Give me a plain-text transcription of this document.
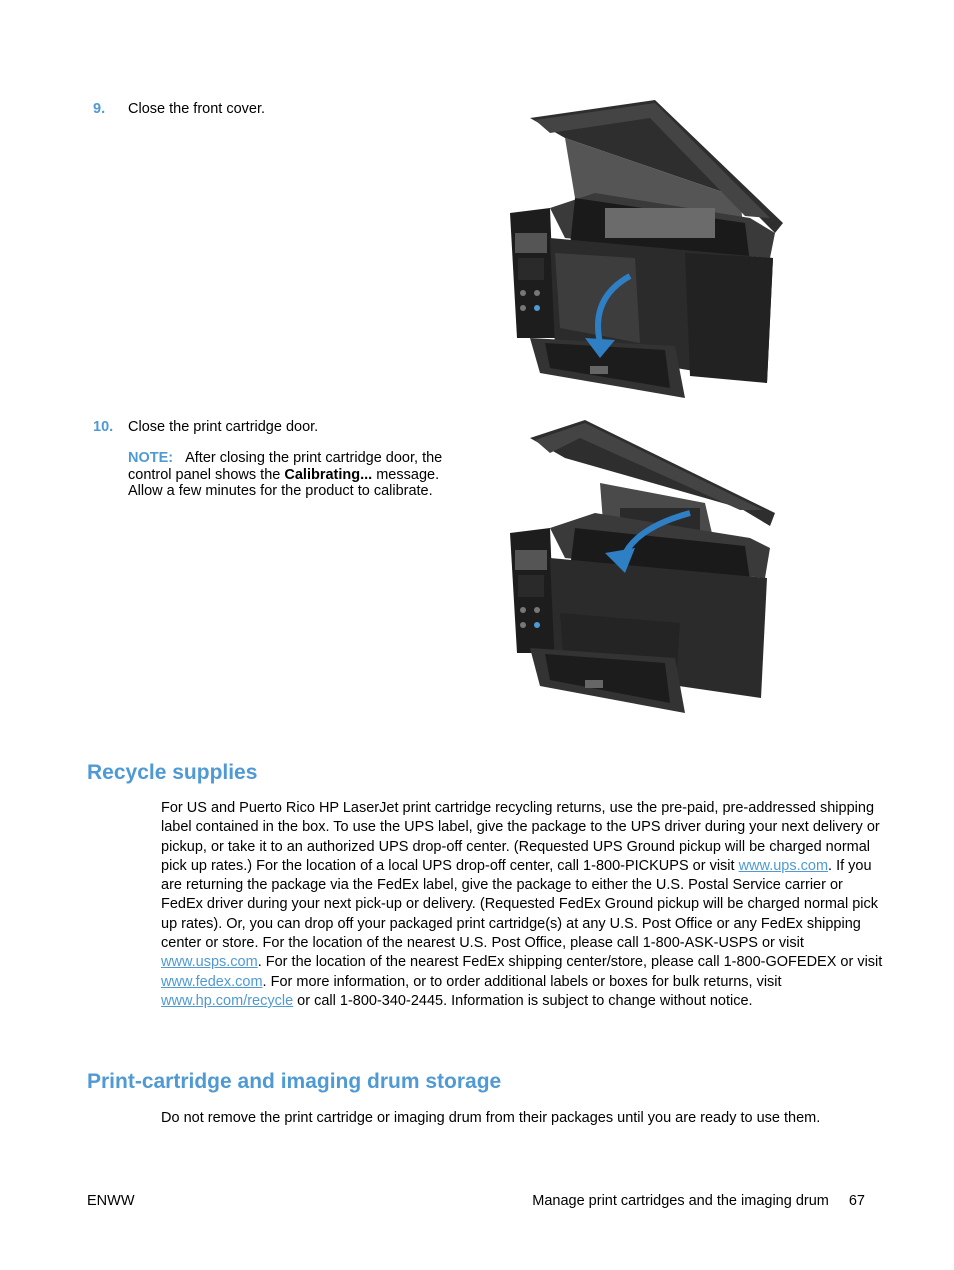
9. Close the front cover.
10. Close the print cartridge door.
NOTE: After closing the print cartridge door, the control panel shows the Calibrating... message. Allow a few minutes for the product to calibrate.
Recycle supplies
For US and Puerto Rico HP LaserJet print cartridge recycling returns, use the pre-paid, pre-addressed shipping label contained in the box. To use the UPS label, give the package to the UPS driver during your next delivery or pickup, or take it to an authorized UPS drop-off center. (Requested UPS Ground pickup will be charged normal pick up rates.) For the location of a local UPS drop-off center, call 1-800-PICKUPS or visit www.ups.com. If you are returning the package via the FedEx label, give the package to either the U.S. Postal Service carrier or FedEx driver during your next pick-up or delivery. (Requested FedEx Ground pickup will be charged normal pick up rates). Or, you can drop off your packaged print cartridge(s) at any U.S. Post Office or any FedEx shipping center or store. For the location of the nearest U.S. Post Office, please call 1-800-ASK-USPS or visit www.usps.com. For the location of the nearest FedEx shipping center/store, please call 1-800-GOFEDEX or visit www.fedex.com. For more information, or to order additional labels or boxes for bulk returns, visit www.hp.com/recycle or call 1-800-340-2445. Information is subject to change without notice.
Print-cartridge and imaging drum storage
Do not remove the print cartridge or imaging drum from their packages until you are ready to use them.
ENWW	Manage print cartridges and the imaging drum 67
